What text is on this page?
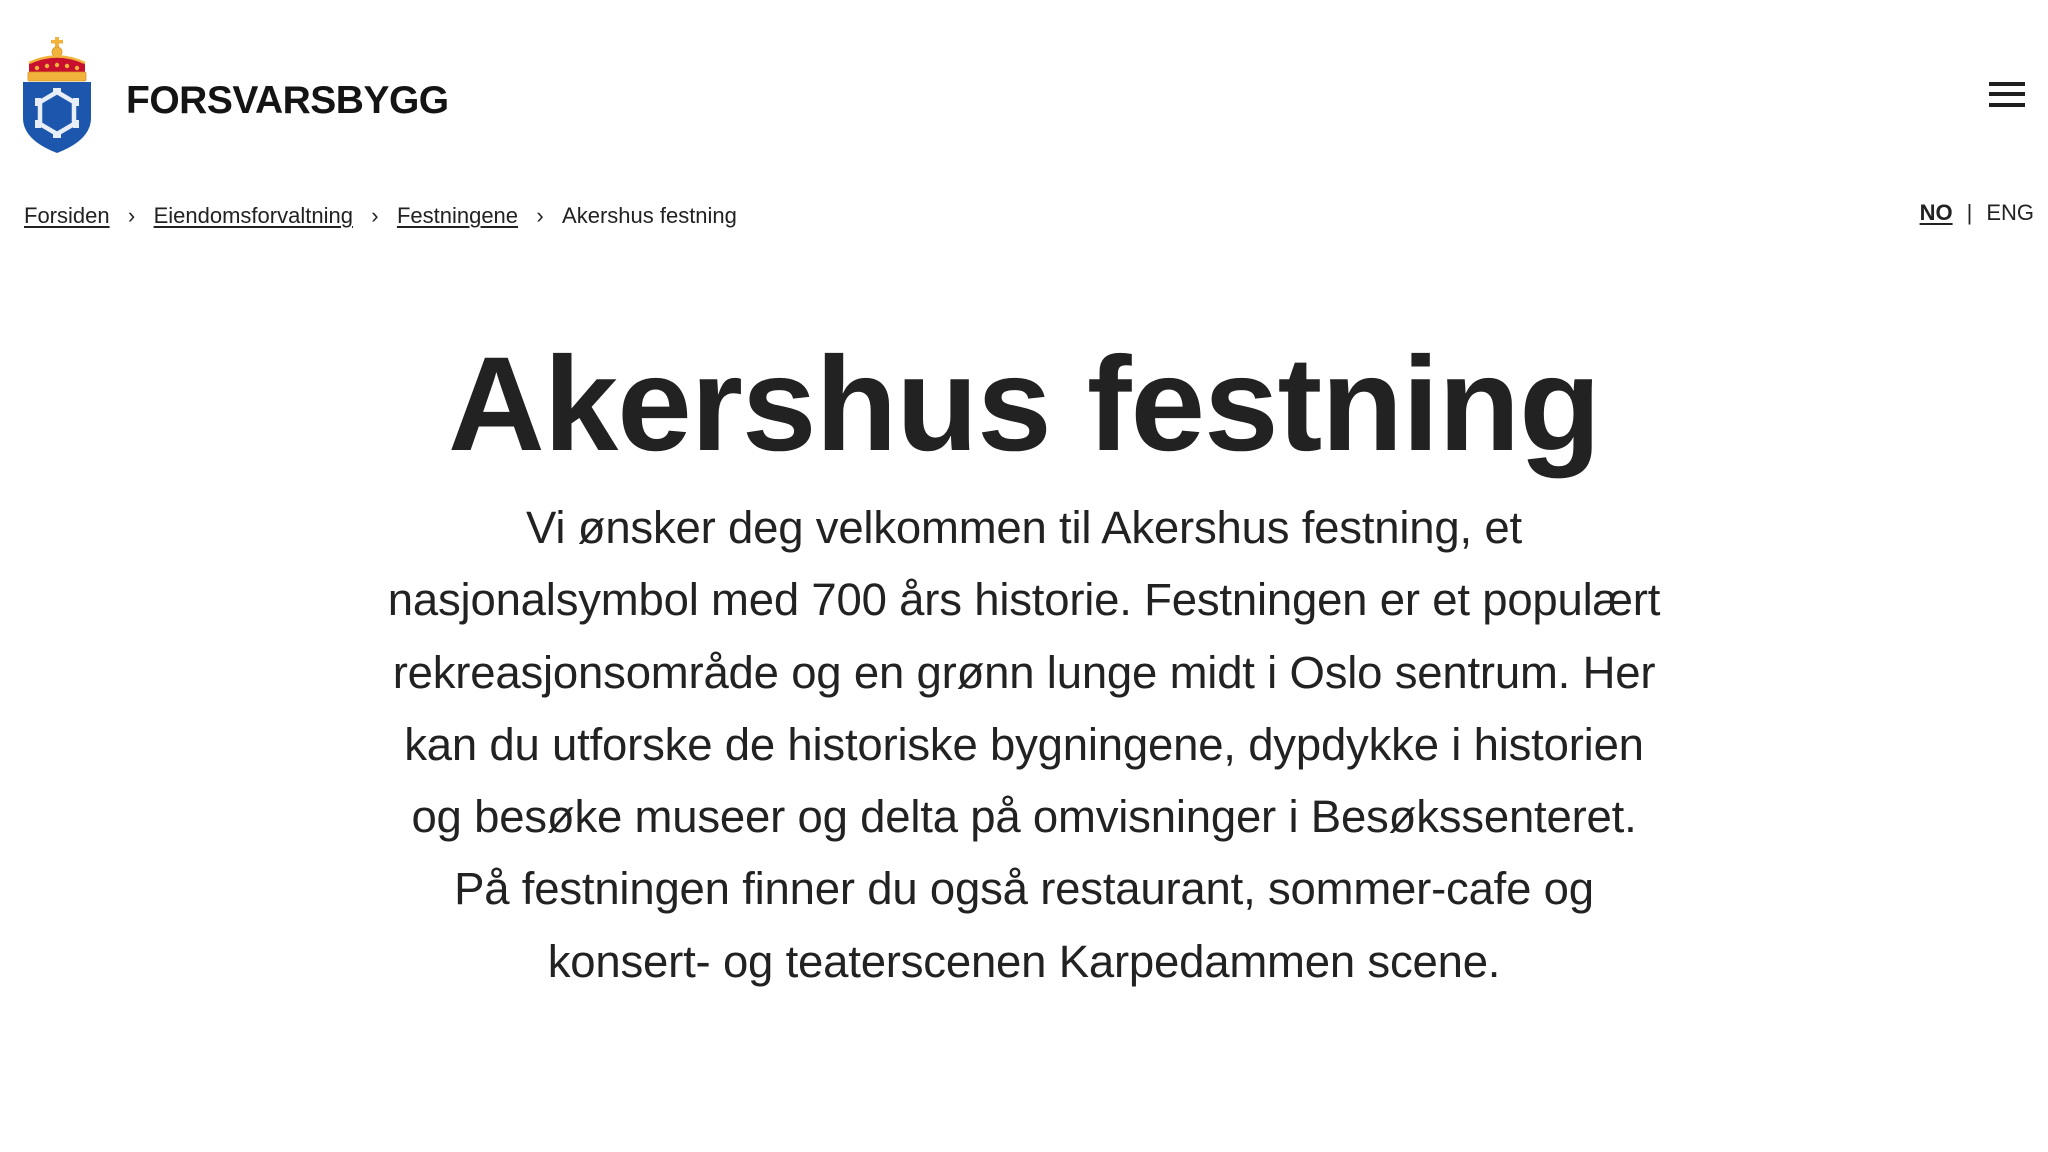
FORSVARSBYGG
Forsiden › Eiendomsforvaltning › Festningene › Akershus festning	NO | ENG
Akershus festning

Vi ønsker deg velkommen til Akershus festning, et nasjonalsymbol med 700 års historie. Festningen er et populært rekreasjonsområde og en grønn lunge midt i Oslo sentrum. Her kan du utforske de historiske bygningene, dypdykke i historien og besøke museer og delta på omvisninger i Besøkssenteret. På festningen finner du også restaurant, sommer-cafe og konsert- og teaterscenen Karpedammen scene.
